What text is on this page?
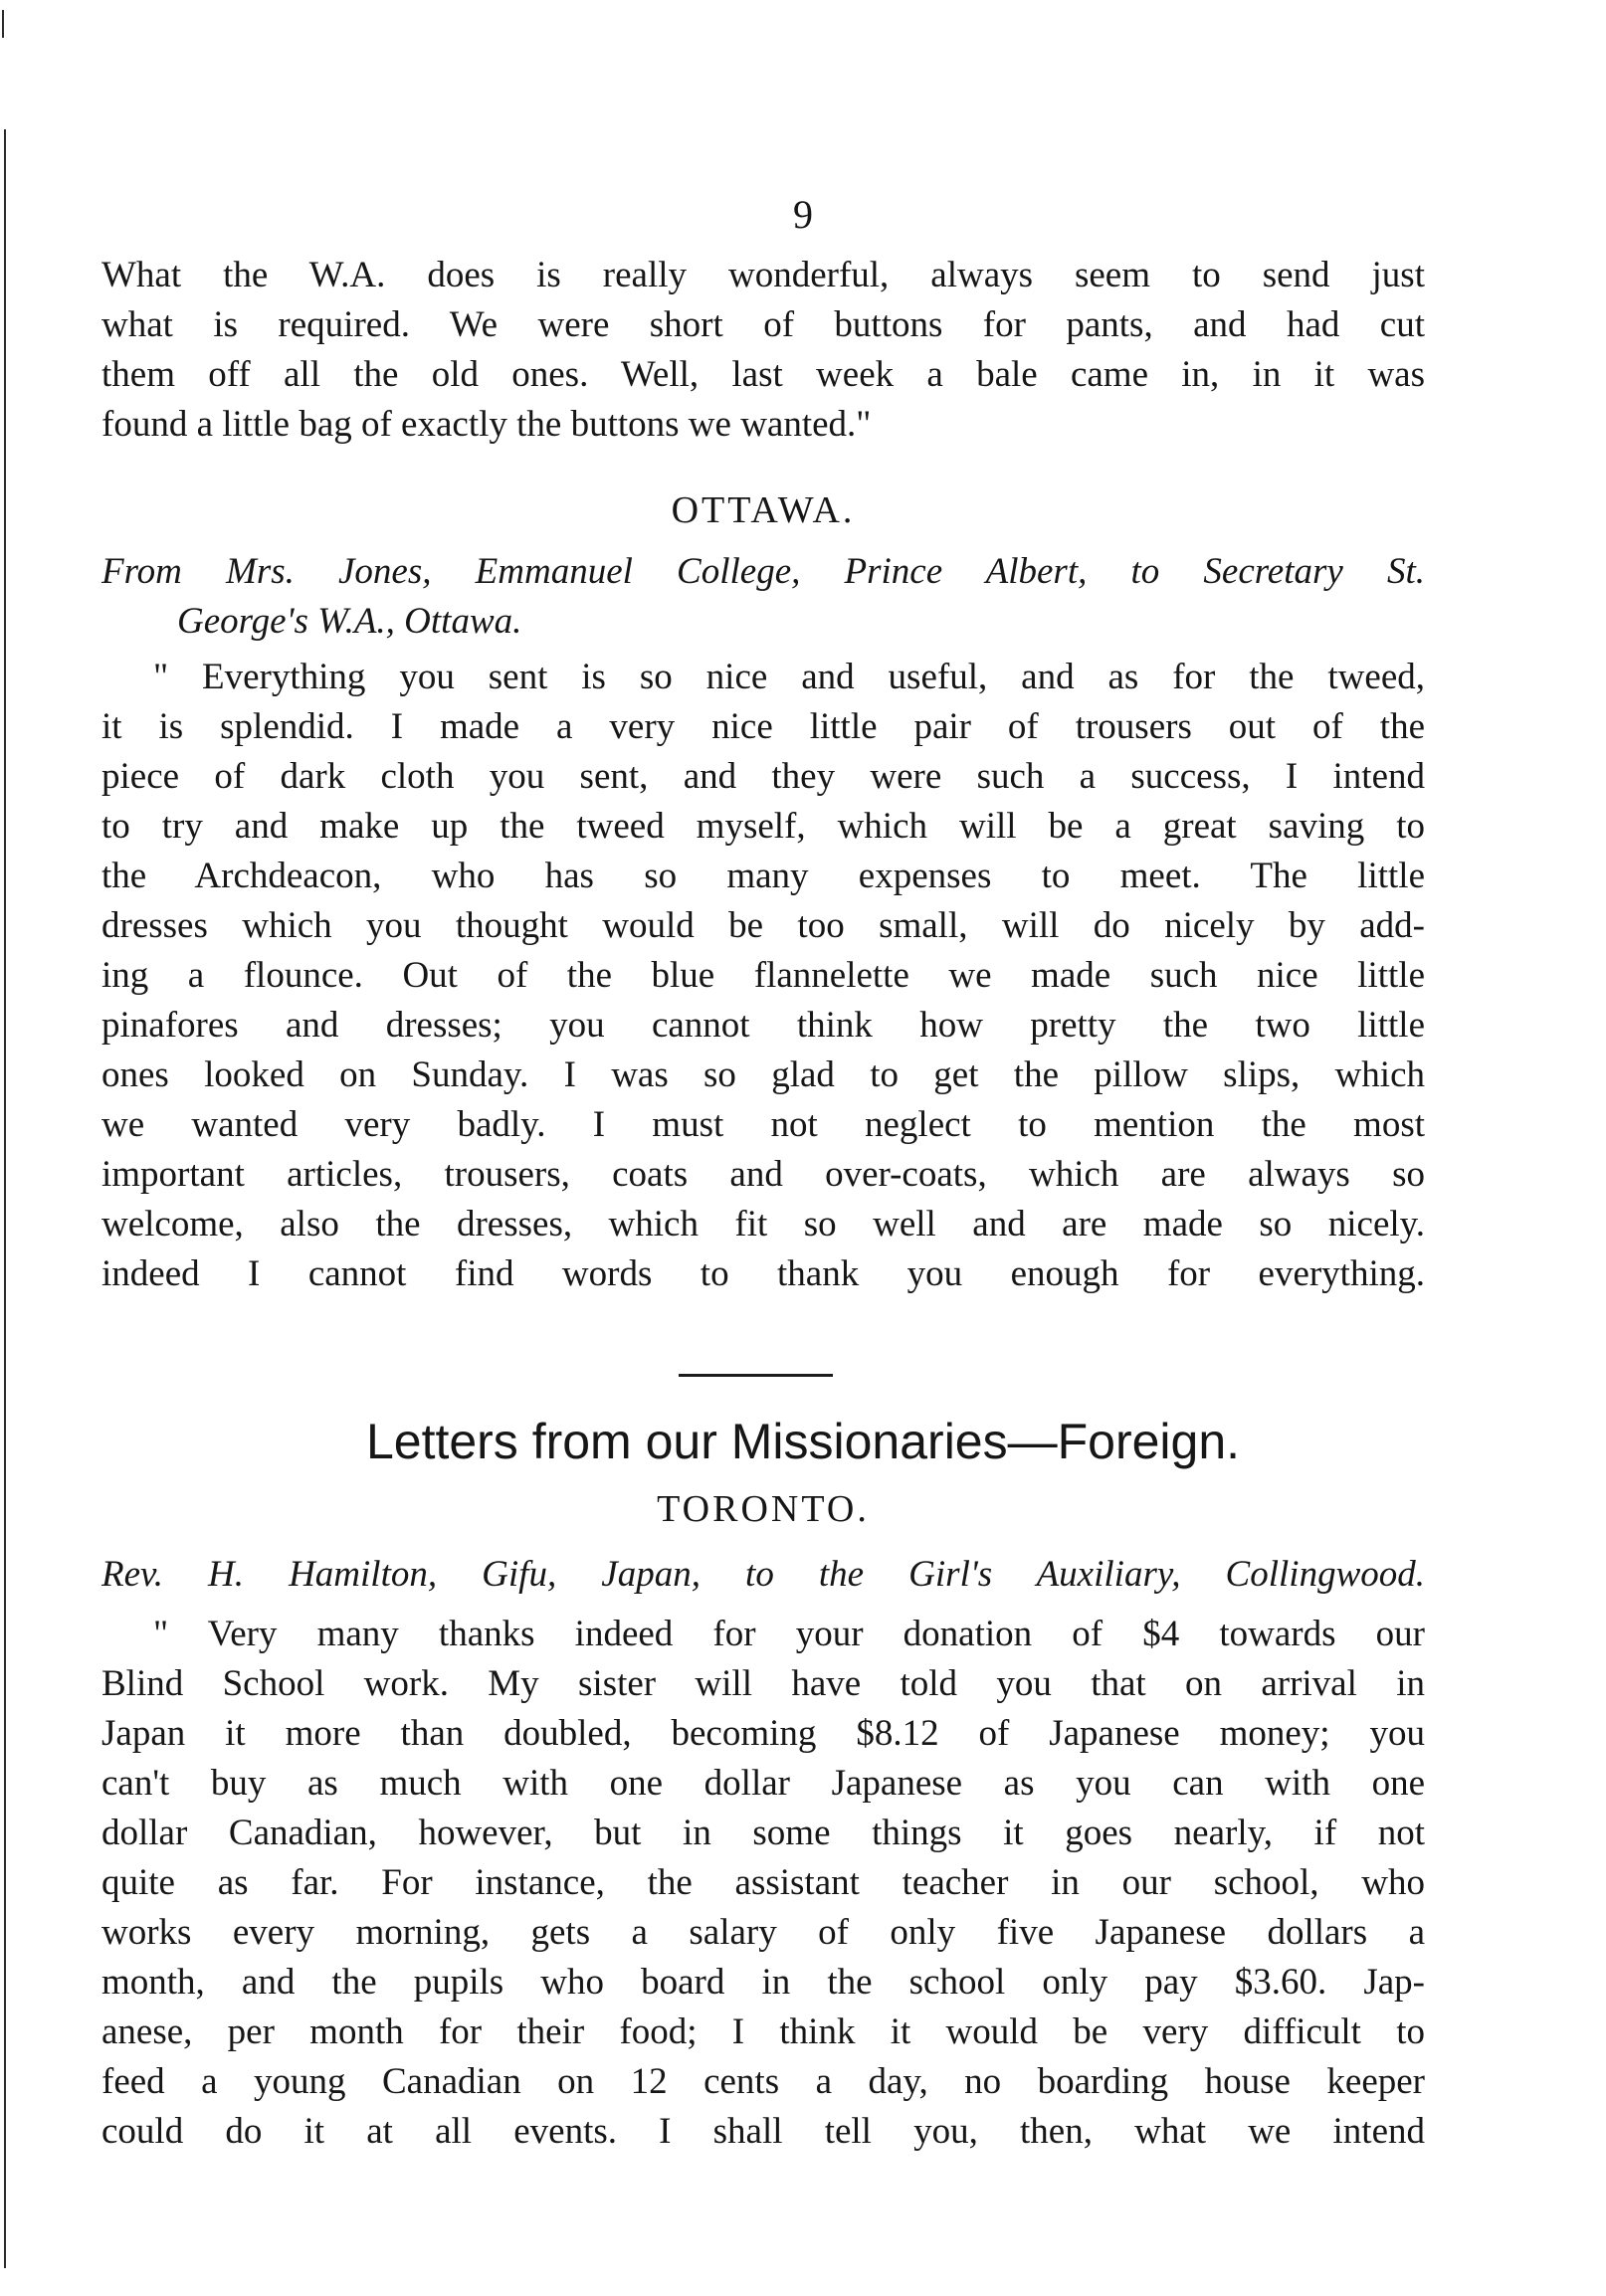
9
What the W.A. does is really wonderful, always seem to send just
what is required. We were short of buttons for pants, and had cut
them off all the old ones. Well, last week a bale came in, in it was
found a little bag of exactly the buttons we wanted."
OTTAWA.
From Mrs. Jones, Emmanuel College, Prince Albert, to Secretary St.
George's W.A., Ottawa.
" Everything you sent is so nice and useful, and as for the tweed,
it is splendid. I made a very nice little pair of trousers out of the
piece of dark cloth you sent, and they were such a success, I intend
to try and make up the tweed myself, which will be a great saving to
the Archdeacon, who has so many expenses to meet. The little
dresses which you thought would be too small, will do nicely by add-
ing a flounce. Out of the blue flannelette we made such nice little
pinafores and dresses; you cannot think how pretty the two little
ones looked on Sunday. I was so glad to get the pillow slips, which
we wanted very badly. I must not neglect to mention the most
important articles, trousers, coats and over-coats, which are always so
welcome, also the dresses, which fit so well and are made so nicely.
indeed I cannot find words to thank you enough for everything.
Letters from our Missionaries—Foreign.
TORONTO.
Rev. H. Hamilton, Gifu, Japan, to the Girl's Auxiliary, Collingwood.
" Very many thanks indeed for your donation of $4 towards our
Blind School work. My sister will have told you that on arrival in
Japan it more than doubled, becoming $8.12 of Japanese money; you
can't buy as much with one dollar Japanese as you can with one
dollar Canadian, however, but in some things it goes nearly, if not
quite as far. For instance, the assistant teacher in our school, who
works every morning, gets a salary of only five Japanese dollars a
month, and the pupils who board in the school only pay $3.60. Jap-
anese, per month for their food; I think it would be very difficult to
feed a young Canadian on 12 cents a day, no boarding house keeper
could do it at all events. I shall tell you, then, what we intend
